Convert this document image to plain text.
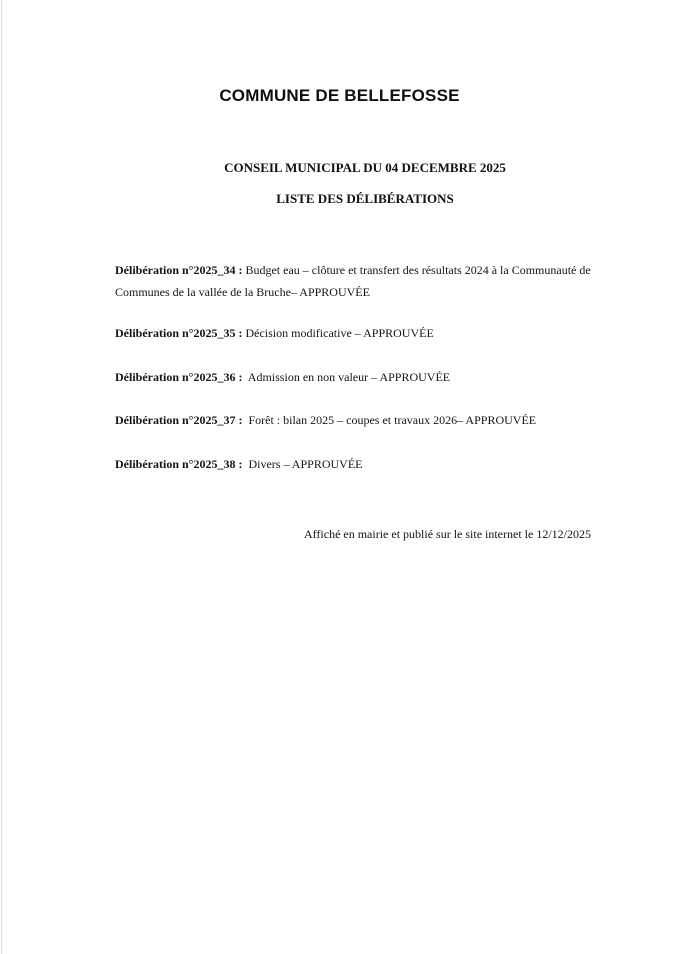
COMMUNE DE BELLEFOSSE
CONSEIL MUNICIPAL DU 04 DECEMBRE 2025
LISTE DES DÉLIBÉRATIONS
Délibération n°2025_34 : Budget eau – clôture et transfert des résultats 2024 à la Communauté de Communes de la vallée de la Bruche– APPROUVÉE
Délibération n°2025_35 : Décision modificative – APPROUVÉE
Délibération n°2025_36 :  Admission en non valeur – APPROUVÉE
Délibération n°2025_37 :  Forêt : bilan 2025 – coupes et travaux 2026– APPROUVÉE
Délibération n°2025_38 :  Divers – APPROUVÉE
Affiché en mairie et publié sur le site internet le 12/12/2025
